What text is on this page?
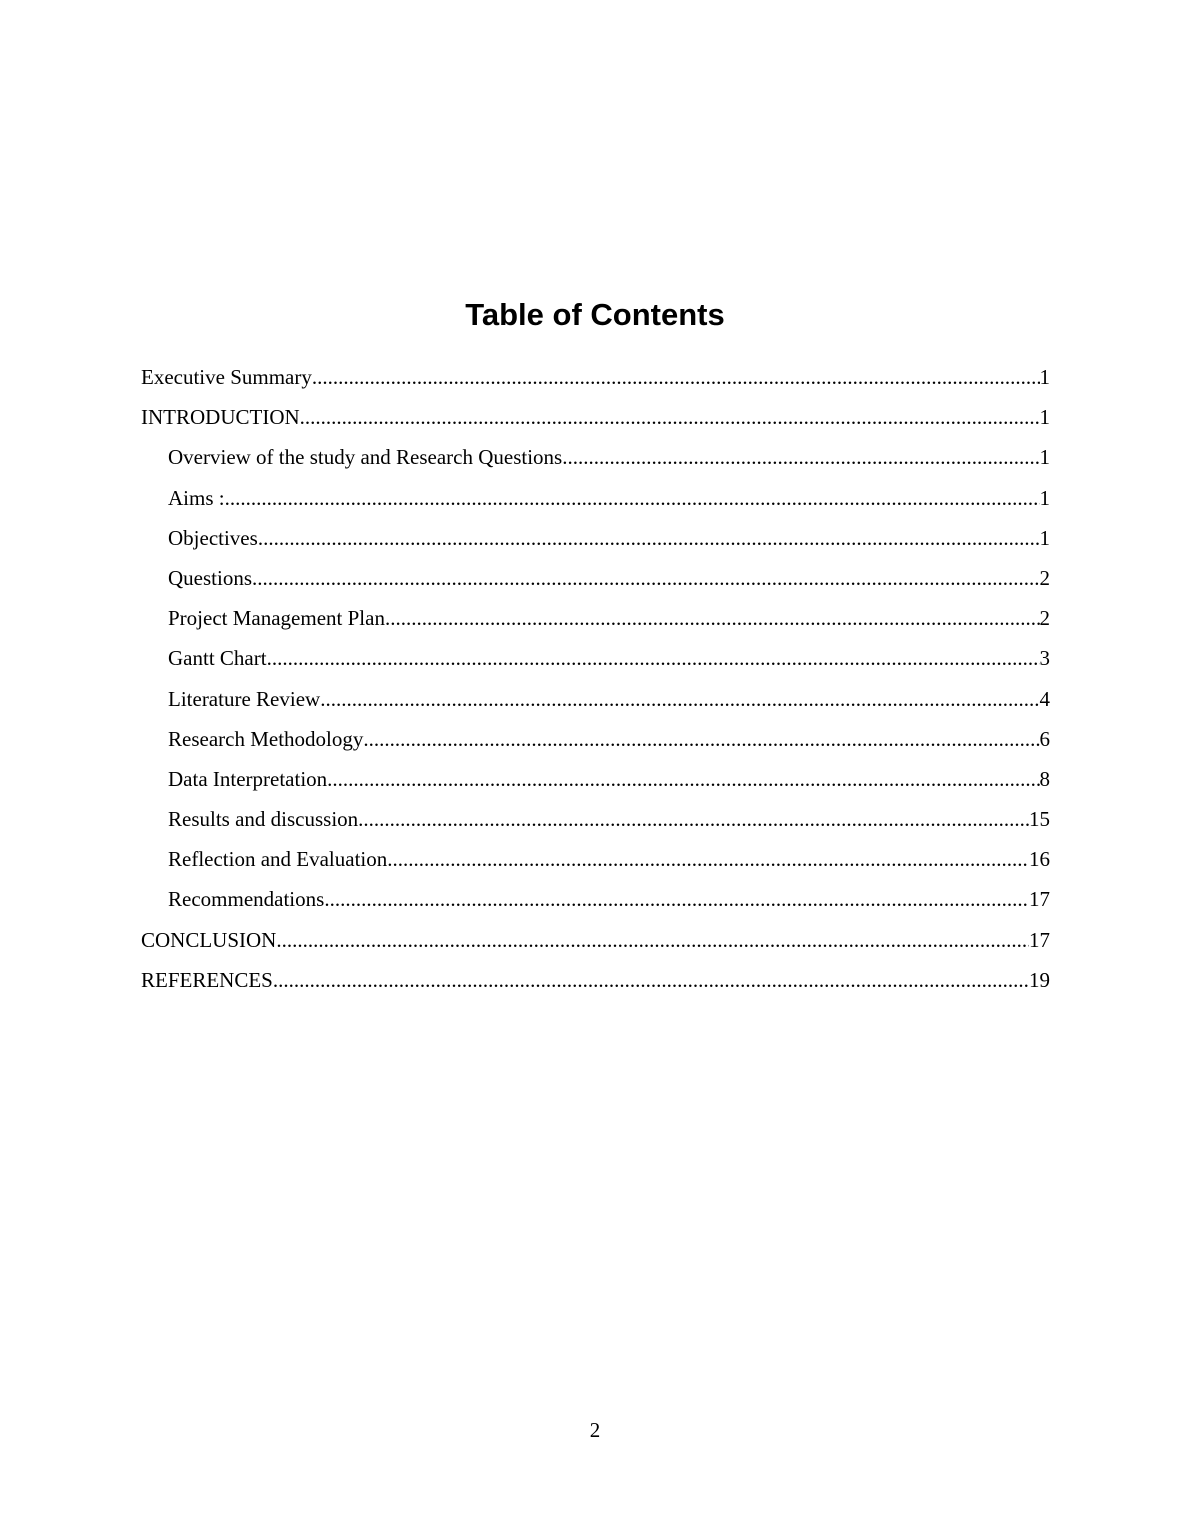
Table of Contents
Executive Summary .....	1
INTRODUCTION .....	1
Overview of the study and Research Questions .....	1
Aims : .....	1
Objectives .....	1
Questions .....	2
Project Management Plan .....	2
Gantt Chart .....	3
Literature Review .....	4
Research Methodology .....	6
Data Interpretation .....	8
Results and discussion .....	15
Reflection and Evaluation .....	16
Recommendations .....	17
CONCLUSION .....	17
REFERENCES .....	19
2
